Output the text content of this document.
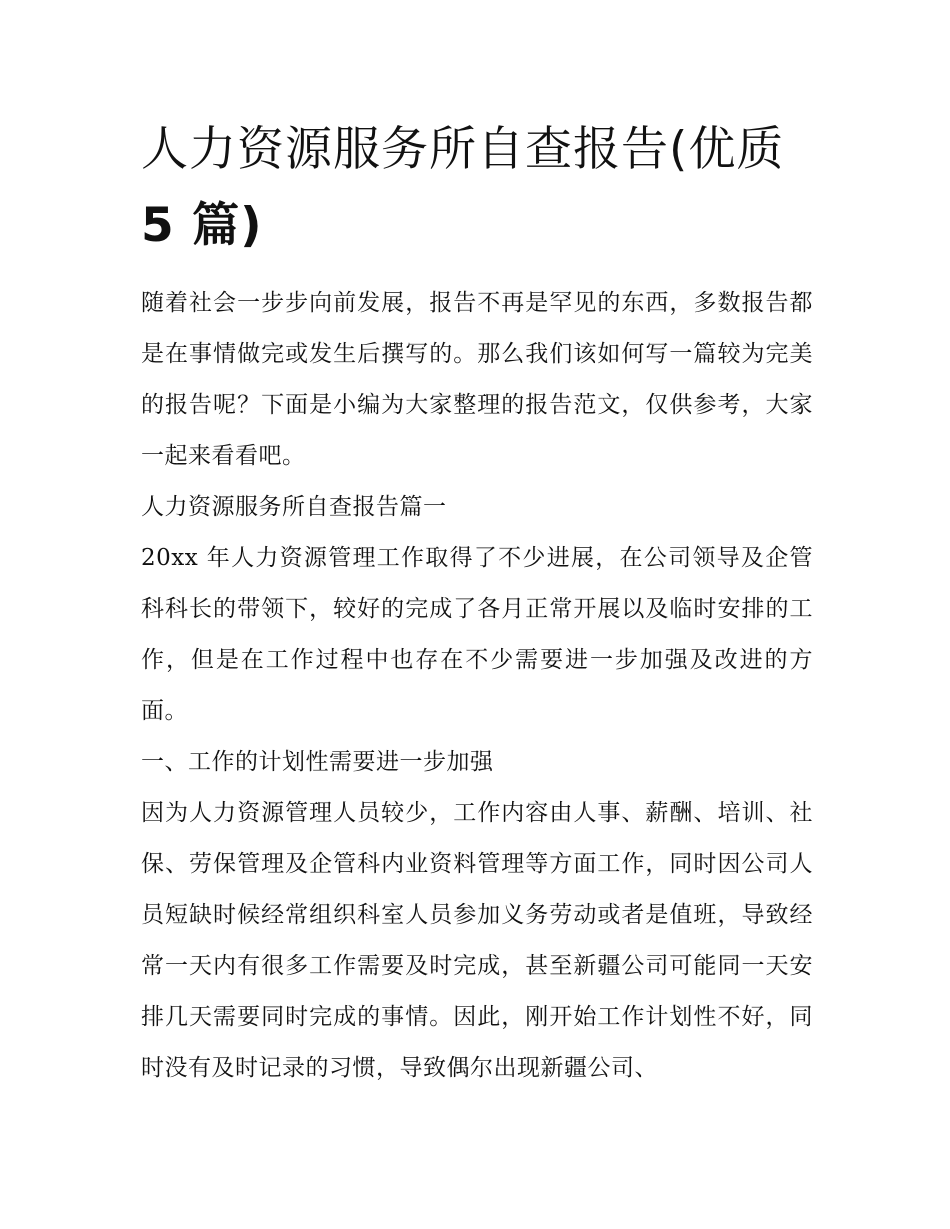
人力资源服务所自查报告(优质
5 篇)

随着社会一步步向前发展，报告不再是罕见的东西，多数报告都是在事情做完或发生后撰写的。那么我们该如何写一篇较为完美的报告呢？下面是小编为大家整理的报告范文，仅供参考，大家一起来看看吧。

人力资源服务所自查报告篇一

20xx 年人力资源管理工作取得了不少进展，在公司领导及企管科科长的带领下，较好的完成了各月正常开展以及临时安排的工作，但是在工作过程中也存在不少需要进一步加强及改进的方面。

一、工作的计划性需要进一步加强

因为人力资源管理人员较少，工作内容由人事、薪酬、培训、社保、劳保管理及企管科内业资料管理等方面工作，同时因公司人员短缺时候经常组织科室人员参加义务劳动或者是值班，导致经常一天内有很多工作需要及时完成，甚至新疆公司可能同一天安排几天需要同时完成的事情。因此，刚开始工作计划性不好，同时没有及时记录的习惯，导致偶尔出现新疆公司、
